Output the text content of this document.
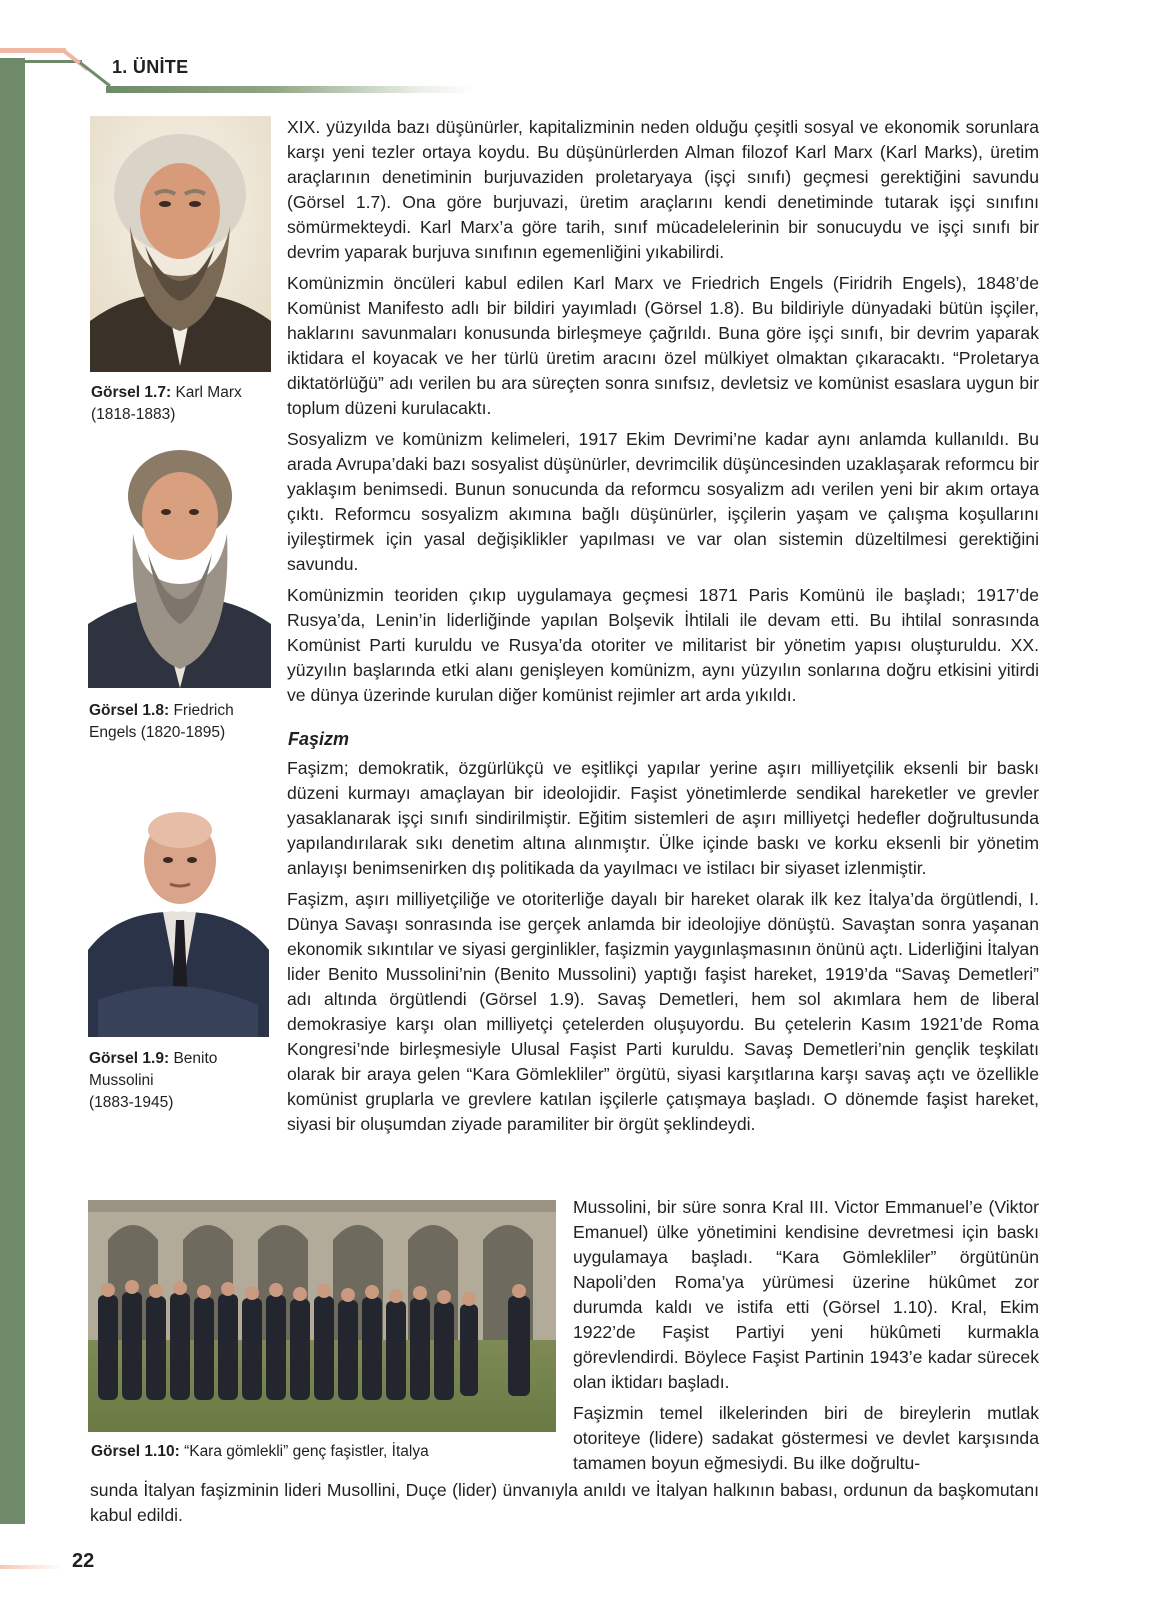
1. ÜNİTE
Görsel 1.7: Karl Marx
(1818-1883)
Görsel 1.8: Friedrich
Engels (1820-1895)
Görsel 1.9: Benito
Mussolini
(1883-1945)
Görsel 1.10: “Kara gömlekli” genç faşistler, İtalya

XIX. yüzyılda bazı düşünürler, kapitalizminin neden olduğu çeşitli sosyal ve ekonomik sorunlara karşı yeni tezler ortaya koydu. Bu düşünürlerden Alman filozof Karl Marx (Karl Marks), üretim araçlarının denetiminin burjuvaziden proletaryaya (işçi sınıfı) geçmesi gerektiğini savundu (Görsel 1.7). Ona göre burjuvazi, üretim araçlarını kendi denetiminde tutarak işçi sınıfını sömürmekteydi. Karl Marx’a göre tarih, sınıf mücadelelerinin bir sonucuydu ve işçi sınıfı bir devrim yaparak burjuva sınıfının egemenliğini yıkabilirdi.

Komünizmin öncüleri kabul edilen Karl Marx ve Friedrich Engels (Firidrih Engels), 1848’de Komünist Manifesto adlı bir bildiri yayımladı (Görsel 1.8). Bu bildiriyle dünyadaki bütün işçiler, haklarını savunmaları konusunda birleşmeye çağrıldı. Buna göre işçi sınıfı, bir devrim yaparak iktidara el koyacak ve her türlü üretim aracını özel mülkiyet olmaktan çıkaracaktı. “Proletarya diktatörlüğü” adı verilen bu ara süreçten sonra sınıfsız, devletsiz ve komünist esaslara uygun bir toplum düzeni kurulacaktı.

Sosyalizm ve komünizm kelimeleri, 1917 Ekim Devrimi’ne kadar aynı anlamda kullanıldı. Bu arada Avrupa’daki bazı sosyalist düşünürler, devrimcilik düşüncesinden uzaklaşarak reformcu bir yaklaşım benimsedi. Bunun sonucunda da reformcu sosyalizm adı verilen yeni bir akım ortaya çıktı. Reformcu sosyalizm akımına bağlı düşünürler, işçilerin yaşam ve çalışma koşullarını iyileştirmek için yasal değişiklikler yapılması ve var olan sistemin düzeltilmesi gerektiğini savundu.

Komünizmin teoriden çıkıp uygulamaya geçmesi 1871 Paris Komünü ile başladı; 1917’de Rusya’da, Lenin’in liderliğinde yapılan Bolşevik İhtilali ile devam etti. Bu ihtilal sonrasında Komünist Parti kuruldu ve Rusya’da otoriter ve militarist bir yönetim yapısı oluşturuldu. XX. yüzyılın başlarında etki alanı genişleyen komünizm, aynı yüzyılın sonlarına doğru etkisini yitirdi ve dünya üzerinde kurulan diğer komünist rejimler art arda yıkıldı.

Faşizm

Faşizm; demokratik, özgürlükçü ve eşitlikçi yapılar yerine aşırı milliyetçilik eksenli bir baskı düzeni kurmayı amaçlayan bir ideolojidir. Faşist yönetimlerde sendikal hareketler ve grevler yasaklanarak işçi sınıfı sindirilmiştir. Eğitim sistemleri de aşırı milliyetçi hedefler doğrultusunda yapılandırılarak sıkı denetim altına alınmıştır. Ülke içinde baskı ve korku eksenli bir yönetim anlayışı benimsenirken dış politikada da yayılmacı ve istilacı bir siyaset izlenmiştir.

Faşizm, aşırı milliyetçiliğe ve otoriterliğe dayalı bir hareket olarak ilk kez İtalya’da örgütlendi, I. Dünya Savaşı sonrasında ise gerçek anlamda bir ideolojiye dönüştü. Savaştan sonra yaşanan ekonomik sıkıntılar ve siyasi gerginlikler, faşizmin yaygınlaşmasının önünü açtı. Liderliğini İtalyan lider Benito Mussolini’nin (Benito Mussolini) yaptığı faşist hareket, 1919’da “Savaş Demetleri” adı altında örgütlendi (Görsel 1.9). Savaş Demetleri, hem sol akımlara hem de liberal demokrasiye karşı olan milliyetçi çetelerden oluşuyordu. Bu çetelerin Kasım 1921’de Roma Kongresi’nde birleşmesiyle Ulusal Faşist Parti kuruldu. Savaş Demetleri’nin gençlik teşkilatı olarak bir araya gelen “Kara Gömlekliler” örgütü, siyasi karşıtlarına karşı savaş açtı ve özellikle komünist gruplarla ve grevlere katılan işçilerle çatışmaya başladı. O dönemde faşist hareket, siyasi bir oluşumdan ziyade paramiliter bir örgüt şeklindeydi.

Mussolini, bir süre sonra Kral III. Victor Emmanuel’e (Viktor Emanuel) ülke yönetimini kendisine devretmesi için baskı uygulamaya başladı. “Kara Gömlekliler” örgütünün Napoli’den Roma’ya yürümesi üzerine hükûmet zor durumda kaldı ve istifa etti (Görsel 1.10). Kral, Ekim 1922’de Faşist Partiyi yeni hükûmeti kurmakla görevlendirdi. Böylece Faşist Partinin 1943’e kadar sürecek olan iktidarı başladı.

Faşizmin temel ilkelerinden biri de bireylerin mutlak otoriteye (lidere) sadakat göstermesi ve devlet karşısında tamamen boyun eğmesiydi. Bu ilke doğrultu-

sunda İtalyan faşizminin lideri Musollini, Duçe (lider) ünvanıyla anıldı ve İtalyan halkının babası, ordunun da başkomutanı kabul edildi.

22
